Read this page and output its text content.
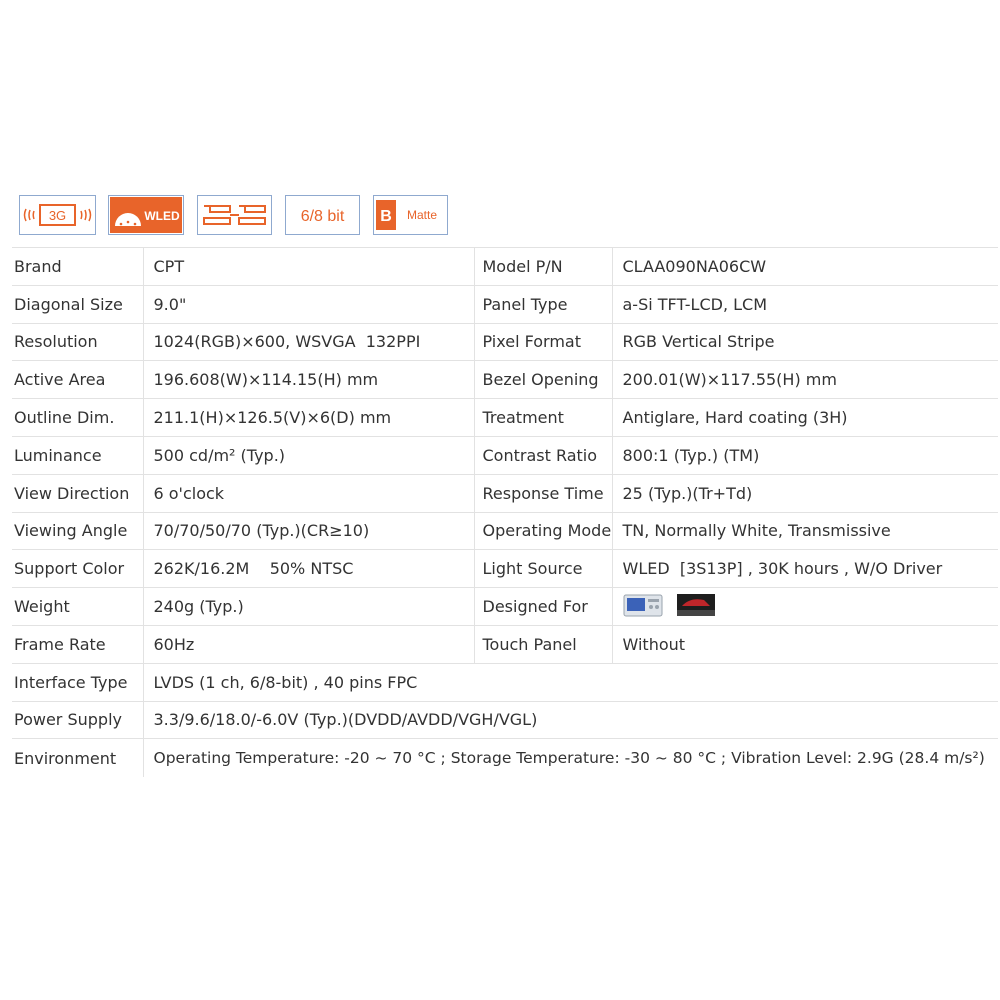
3G	WLED	6/8 bit B Matte
Brand	CPT	Model P/N	CLAA090NA06CW
Diagonal Size	9.0"	Panel Type	a-Si TFT-LCD, LCM
Resolution	1024(RGB)×600, WSVGA  132PPI	Pixel Format	RGB Vertical Stripe
Active Area	196.608(W)×114.15(H) mm	Bezel Opening	200.01(W)×117.55(H) mm
Outline Dim.	211.1(H)×126.5(V)×6(D) mm	Treatment	Antiglare, Hard coating (3H)
Luminance	500 cd/m² (Typ.)	Contrast Ratio	800:1 (Typ.) (TM)
View Direction	6 o'clock	Response Time	25 (Typ.)(Tr+Td)
Viewing Angle	70/70/50/70 (Typ.)(CR≥10)	Operating Mode	TN, Normally White, Transmissive
Support Color	262K/16.2M    50% NTSC	Light Source	WLED  [3S13P] , 30K hours , W/O Driver
Weight	240g (Typ.)	Designed For	
Frame Rate	60Hz	Touch Panel	Without
Interface Type	LVDS (1 ch, 6/8-bit) , 40 pins FPC		
Power Supply	3.3/9.6/18.0/-6.0V (Typ.)(DVDD/AVDD/VGH/VGL)		
Environment	Operating Temperature: -20 ~ 70 °C ; Storage Temperature: -30 ~ 80 °C ; Vibration Level: 2.9G (28.4 m/s²)		
